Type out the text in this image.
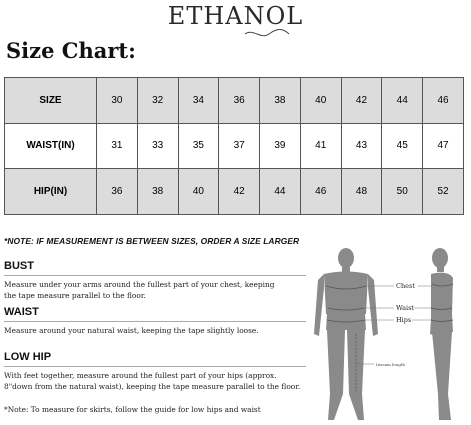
ETHANOL
Size Chart:
SIZE	30	32	34	36	38	40	42	44	46
WAIST(IN)	31	33	35	37	39	41	43	45	47
HIP(IN)	36	38	40	42	44	46	48	50	52
*NOTE: IF MEASUREMENT IS BETWEEN SIZES, ORDER A SIZE LARGER
BUST
Measure under your arms around the fullest part of your chest, keeping
the tape measure parallel to the floor.
WAIST
Measure around your natural waist, keeping the tape slightly loose.
LOW HIP
With feet together, measure around the fullest part of your hips (approx.
8"down from the natural waist), keeping the tape measure parallel to the floor.
*Note: To measure for skirts, follow the guide for low hips and waist
Chest
Waist
Hips
Inseam length
